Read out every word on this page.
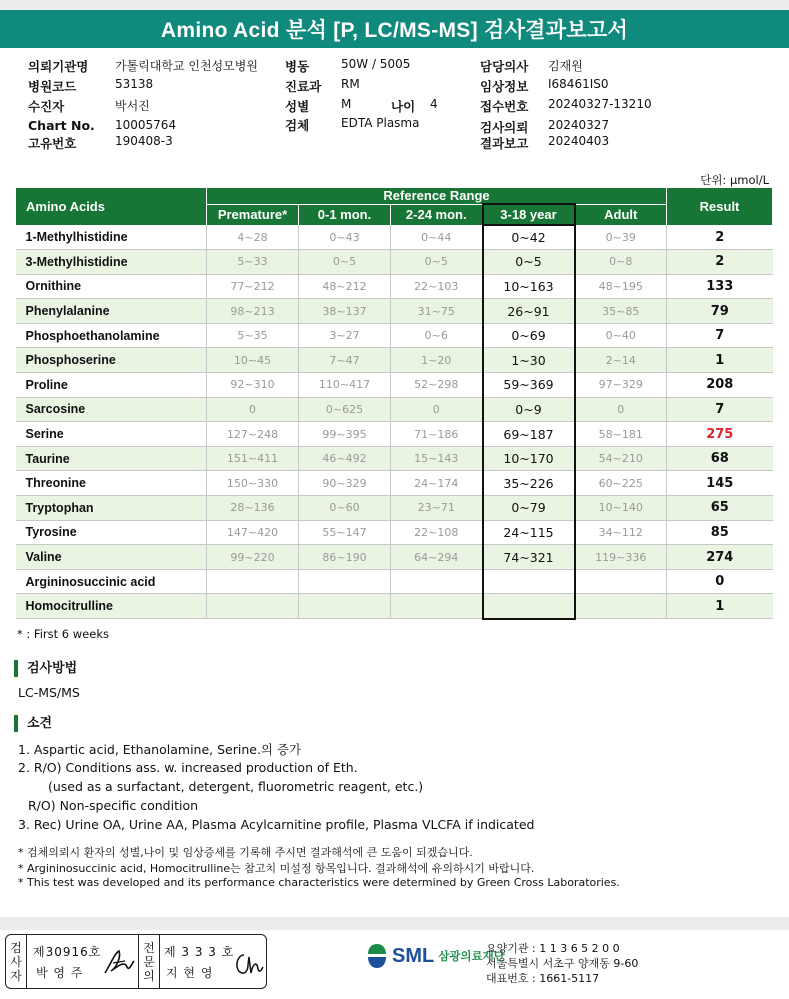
Amino Acid 분석 [P, LC/MS-MS] 검사결과보고서
의뢰기관명 가톨릭대학교 인천성모병원
병원코드	53138
수진자	박서진
Chart No. 10005764
고유번호	190408-3
병동	50W / 5005
진료과 RM
성별	M	나이 4
검체	EDTA Plasma
담당의사 김재원
임상정보 I68461IS0
접수번호 20240327-13210
검사의뢰 20240327
결과보고 20240403
단위: μmol/L
Amino Acids	Reference Range					Result
	Premature*	0-1 mon.	2-24 mon.	3-18 year	Adult	
1-Methylhistidine	4~28	0~43	0~44	0~42	0~39	2
3-Methylhistidine	5~33	0~5	0~5	0~5	0~8	2
Ornithine	77~212	48~212	22~103	10~163	48~195	133
Phenylalanine	98~213	38~137	31~75	26~91	35~85	79
Phosphoethanolamine	5~35	3~27	0~6	0~69	0~40	7
Phosphoserine	10~45	7~47	1~20	1~30	2~14	1
Proline	92~310	110~417	52~298	59~369	97~329	208
Sarcosine	0	0~625	0	0~9	0	7
Serine	127~248	99~395	71~186	69~187	58~181	275
Taurine	151~411	46~492	15~143	10~170	54~210	68
Threonine	150~330	90~329	24~174	35~226	60~225	145
Tryptophan	28~136	0~60	23~71	0~79	10~140	65
Tyrosine	147~420	55~147	22~108	24~115	34~112	85
Valine	99~220	86~190	64~294	74~321	119~336	274
Argininosuccinic acid						0
Homocitrulline						1
* : First 6 weeks
검사방법
LC-MS/MS
소견
1. Aspartic acid, Ethanolamine, Serine.의 증가
2. R/O) Conditions ass. w. increased production of Eth.
(used as a surfactant, detergent, fluorometric reagent, etc.)
R/O) Non-specific condition
3. Rec) Urine OA, Urine AA, Plasma Acylcarnitine profile, Plasma VLCFA if indicated
* 검체의뢰시 환자의 성별,나이 및 임상증세를 기록해 주시면 결과해석에 큰 도움이 되겠습니다.
* Argininosuccinic acid, Homocitrulline는 참고치 미설정 항목입니다. 결과해석에 유의하시기 바랍니다.
* This test was developed and its performance characteristics were determined by Green Cross Laboratories.
검
사
자
제30916호
박 영 주
전
문
의
제 3 3 3 호
지 현 영
SML 삼광의료재단
요양기관 : 1 1 3 6 5 2 0 0
서울특별시 서초구 양재동 9-60
대표번호 : 1661-5117
